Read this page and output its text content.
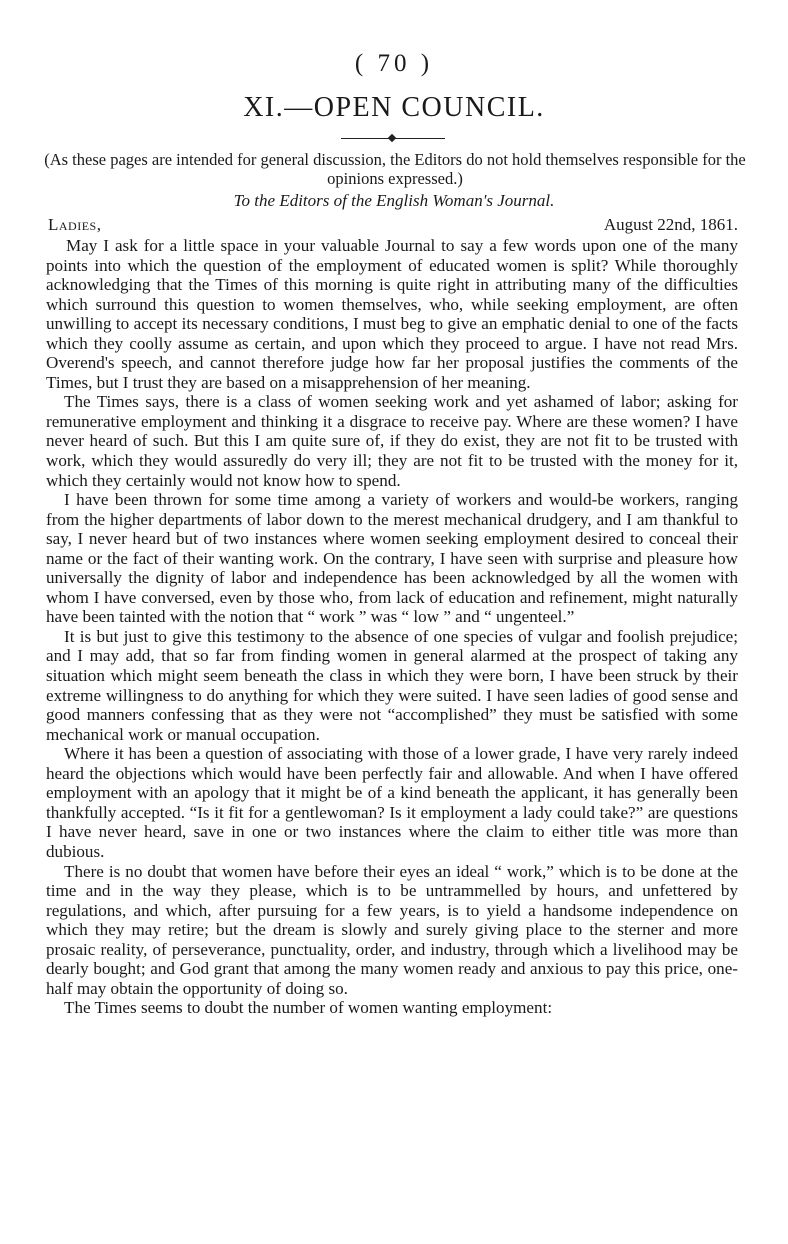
( 70 )
XI.—OPEN COUNCIL.
(As these pages are intended for general discussion, the Editors do not hold themselves responsible for the opinions expressed.)
To the Editors of the English Woman's Journal.
Ladies,	August 22nd, 1861.

May I ask for a little space in your valuable Journal to say a few words upon one of the many points into which the question of the employment of educated women is split? While thoroughly acknowledging that the Times of this morning is quite right in attributing many of the difficulties which surround this question to women themselves, who, while seeking employment, are often unwilling to accept its necessary conditions, I must beg to give an emphatic denial to one of the facts which they coolly assume as certain, and upon which they proceed to argue. I have not read Mrs. Overend's speech, and cannot therefore judge how far her proposal justifies the comments of the Times, but I trust they are based on a misapprehension of her meaning.

The Times says, there is a class of women seeking work and yet ashamed of labor; asking for remunerative employment and thinking it a disgrace to receive pay. Where are these women? I have never heard of such. But this I am quite sure of, if they do exist, they are not fit to be trusted with work, which they would assuredly do very ill; they are not fit to be trusted with the money for it, which they certainly would not know how to spend.

I have been thrown for some time among a variety of workers and would-be workers, ranging from the higher departments of labor down to the merest mechanical drudgery, and I am thankful to say, I never heard but of two instances where women seeking employment desired to conceal their name or the fact of their wanting work. On the contrary, I have seen with surprise and pleasure how universally the dignity of labor and independence has been acknowledged by all the women with whom I have conversed, even by those who, from lack of education and refinement, might naturally have been tainted with the notion that “ work ” was “ low ” and “ ungenteel.”

It is but just to give this testimony to the absence of one species of vulgar and foolish prejudice; and I may add, that so far from finding women in general alarmed at the prospect of taking any situation which might seem beneath the class in which they were born, I have been struck by their extreme willingness to do anything for which they were suited. I have seen ladies of good sense and good manners confessing that as they were not “accomplished” they must be satisfied with some mechanical work or manual occupation.

Where it has been a question of associating with those of a lower grade, I have very rarely indeed heard the objections which would have been perfectly fair and allowable. And when I have offered employment with an apology that it might be of a kind beneath the applicant, it has generally been thankfully accepted. “Is it fit for a gentlewoman? Is it employment a lady could take?” are questions I have never heard, save in one or two instances where the claim to either title was more than dubious.

There is no doubt that women have before their eyes an ideal “ work,” which is to be done at the time and in the way they please, which is to be untrammelled by hours, and unfettered by regulations, and which, after pursuing for a few years, is to yield a handsome independence on which they may retire; but the dream is slowly and surely giving place to the sterner and more prosaic reality, of perseverance, punctuality, order, and industry, through which a livelihood may be dearly bought; and God grant that among the many women ready and anxious to pay this price, one-half may obtain the opportunity of doing so.

The Times seems to doubt the number of women wanting employment:
